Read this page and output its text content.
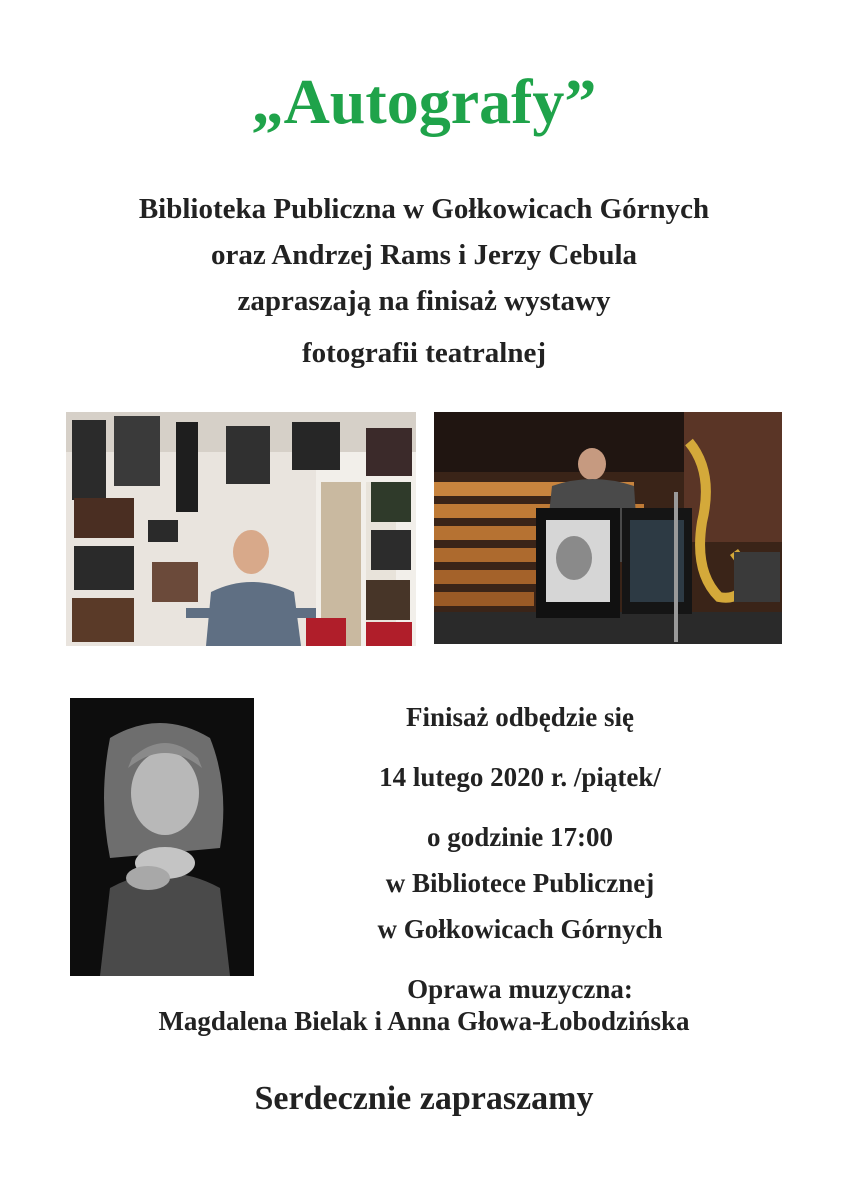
„Autografy”
Biblioteka Publiczna w Gołkowicach Górnych
oraz Andrzej Rams i Jerzy Cebula
zapraszają na finisaż wystawy
fotografii teatralnej
Finisaż odbędzie się
14 lutego 2020 r. /piątek/
o godzinie 17:00
w Bibliotece Publicznej
w Gołkowicach Górnych
Oprawa muzyczna:
Magdalena Bielak i Anna Głowa-Łobodzińska
Serdecznie zapraszamy
